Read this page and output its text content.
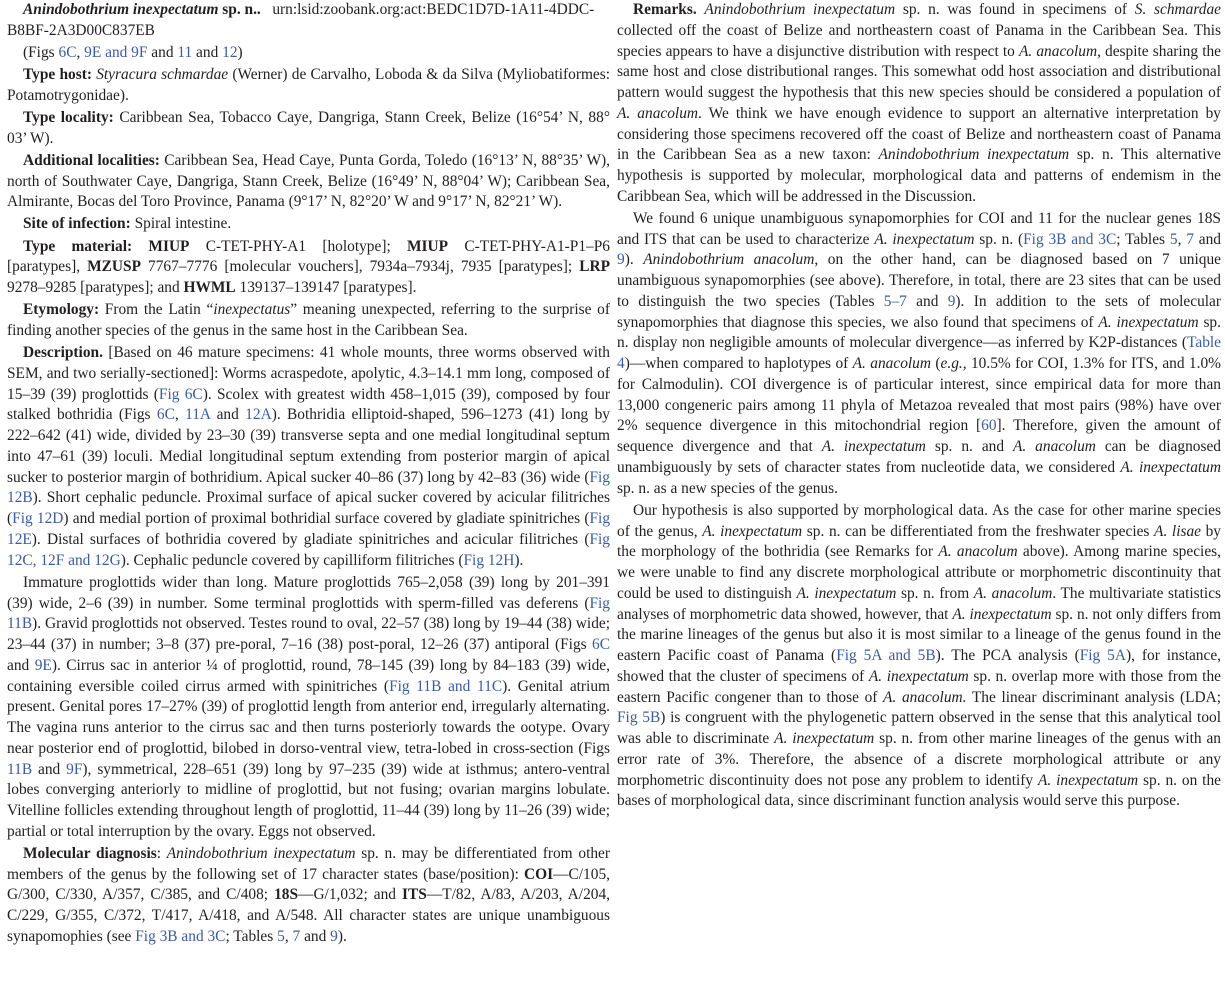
Anindobothrium inexpectatum sp. n..   urn:lsid:zoobank.org:act:BEDC1D7D-1A11-4DDC-B8BF-2A3D00C837EB

(Figs 6C, 9E and 9F and 11 and 12)

Type host: Styracura schmardae (Werner) de Carvalho, Loboda & da Silva (Myliobatiformes: Potamotrygonidae).

Type locality: Caribbean Sea, Tobacco Caye, Dangriga, Stann Creek, Belize (16°54’ N, 88° 03’ W).

Additional localities: Caribbean Sea, Head Caye, Punta Gorda, Toledo (16°13’ N, 88°35’ W), north of Southwater Caye, Dangriga, Stann Creek, Belize (16°49’ N, 88°04’ W); Caribbean Sea, Almirante, Bocas del Toro Province, Panama (9°17’ N, 82°20’ W and 9°17’ N, 82°21’ W).

Site of infection: Spiral intestine.

Type material: MIUP C-TET-PHY-A1 [holotype]; MIUP C-TET-PHY-A1-P1–P6 [paratypes], MZUSP 7767–7776 [molecular vouchers], 7934a–7934j, 7935 [paratypes]; LRP 9278–9285 [paratypes]; and HWML 139137–139147 [paratypes].

Etymology: From the Latin “inexpectatus” meaning unexpected, referring to the surprise of finding another species of the genus in the same host in the Caribbean Sea.

Description. [Based on 46 mature specimens: 41 whole mounts, three worms observed with SEM, and two serially-sectioned]: Worms acraspedote, apolytic, 4.3–14.1 mm long, composed of 15–39 (39) proglottids (Fig 6C). Scolex with greatest width 458–1,015 (39), composed by four stalked bothridia (Figs 6C, 11A and 12A). Bothridia elliptoid-shaped, 596–1273 (41) long by 222–642 (41) wide, divided by 23–30 (39) transverse septa and one medial longitudinal septum into 47–61 (39) loculi. Medial longitudinal septum extending from posterior margin of apical sucker to posterior margin of bothridium. Apical sucker 40–86 (37) long by 42–83 (36) wide (Fig 12B). Short cephalic peduncle. Proximal surface of apical sucker covered by acicular filitriches (Fig 12D) and medial portion of proximal bothridial surface covered by gladiate spinitriches (Fig 12E). Distal surfaces of bothridia covered by gladiate spinitriches and acicular filitriches (Fig 12C, 12F and 12G). Cephalic peduncle covered by capilliform filitriches (Fig 12H).

Immature proglottids wider than long. Mature proglottids 765–2,058 (39) long by 201–391 (39) wide, 2–6 (39) in number. Some terminal proglottids with sperm-filled vas deferens (Fig 11B). Gravid proglottids not observed. Testes round to oval, 22–57 (38) long by 19–44 (38) wide; 23–44 (37) in number; 3–8 (37) pre-poral, 7–16 (38) post-poral, 12–26 (37) antiporal (Figs 6C and 9E). Cirrus sac in anterior ¼ of proglottid, round, 78–145 (39) long by 84–183 (39) wide, containing eversible coiled cirrus armed with spinitriches (Fig 11B and 11C). Genital atrium present. Genital pores 17–27% (39) of proglottid length from anterior end, irregularly alternating. The vagina runs anterior to the cirrus sac and then turns posteriorly towards the ootype. Ovary near posterior end of proglottid, bilobed in dorso-ventral view, tetra-lobed in cross-section (Figs 11B and 9F), symmetrical, 228–651 (39) long by 97–235 (39) wide at isthmus; antero-ventral lobes converging anteriorly to midline of proglottid, but not fusing; ovarian margins lobulate. Vitelline follicles extending throughout length of proglottid, 11–44 (39) long by 11–26 (39) wide; partial or total interruption by the ovary. Eggs not observed.

Molecular diagnosis: Anindobothrium inexpectatum sp. n. may be differentiated from other members of the genus by the following set of 17 character states (base/position): COI—C/105, G/300, C/330, A/357, C/385, and C/408; 18S—G/1,032; and ITS—T/82, A/83, A/203, A/204, C/229, G/355, C/372, T/417, A/418, and A/548. All character states are unique unambiguous synapomophies (see Fig 3B and 3C; Tables 5, 7 and 9).

Remarks. Anindobothrium inexpectatum sp. n. was found in specimens of S. schmardae collected off the coast of Belize and northeastern coast of Panama in the Caribbean Sea. This species appears to have a disjunctive distribution with respect to A. anacolum, despite sharing the same host and close distributional ranges. This somewhat odd host association and distributional pattern would suggest the hypothesis that this new species should be considered a population of A. anacolum. We think we have enough evidence to support an alternative interpretation by considering those specimens recovered off the coast of Belize and northeastern coast of Panama in the Caribbean Sea as a new taxon: Anindobothrium inexpectatum sp. n. This alternative hypothesis is supported by molecular, morphological data and patterns of endemism in the Caribbean Sea, which will be addressed in the Discussion.

We found 6 unique unambiguous synapomorphies for COI and 11 for the nuclear genes 18S and ITS that can be used to characterize A. inexpectatum sp. n. (Fig 3B and 3C; Tables 5, 7 and 9). Anindobothrium anacolum, on the other hand, can be diagnosed based on 7 unique unambiguous synapomorphies (see above). Therefore, in total, there are 23 sites that can be used to distinguish the two species (Tables 5–7 and 9). In addition to the sets of molecular synapomorphies that diagnose this species, we also found that specimens of A. inexpectatum sp. n. display non negligible amounts of molecular divergence—as inferred by K2P-distances (Table 4)—when compared to haplotypes of A. anacolum (e.g., 10.5% for COI, 1.3% for ITS, and 1.0% for Calmodulin). COI divergence is of particular interest, since empirical data for more than 13,000 congeneric pairs among 11 phyla of Metazoa revealed that most pairs (98%) have over 2% sequence divergence in this mitochondrial region [60]. Therefore, given the amount of sequence divergence and that A. inexpectatum sp. n. and A. anacolum can be diagnosed unambiguously by sets of character states from nucleotide data, we considered A. inexpectatum sp. n. as a new species of the genus.

Our hypothesis is also supported by morphological data. As the case for other marine species of the genus, A. inexpectatum sp. n. can be differentiated from the freshwater species A. lisae by the morphology of the bothridia (see Remarks for A. anacolum above). Among marine species, we were unable to find any discrete morphological attribute or morphometric discontinuity that could be used to distinguish A. inexpectatum sp. n. from A. anacolum. The multivariate statistics analyses of morphometric data showed, however, that A. inexpectatum sp. n. not only differs from the marine lineages of the genus but also it is most similar to a lineage of the genus found in the eastern Pacific coast of Panama (Fig 5A and 5B). The PCA analysis (Fig 5A), for instance, showed that the cluster of specimens of A. inexpectatum sp. n. overlap more with those from the eastern Pacific congener than to those of A. anacolum. The linear discriminant analysis (LDA; Fig 5B) is congruent with the phylogenetic pattern observed in the sense that this analytical tool was able to discriminate A. inexpectatum sp. n. from other marine lineages of the genus with an error rate of 3%. Therefore, the absence of a discrete morphological attribute or any morphometric discontinuity does not pose any problem to identify A. inexpectatum sp. n. on the bases of morphological data, since discriminant function analysis would serve this purpose.
